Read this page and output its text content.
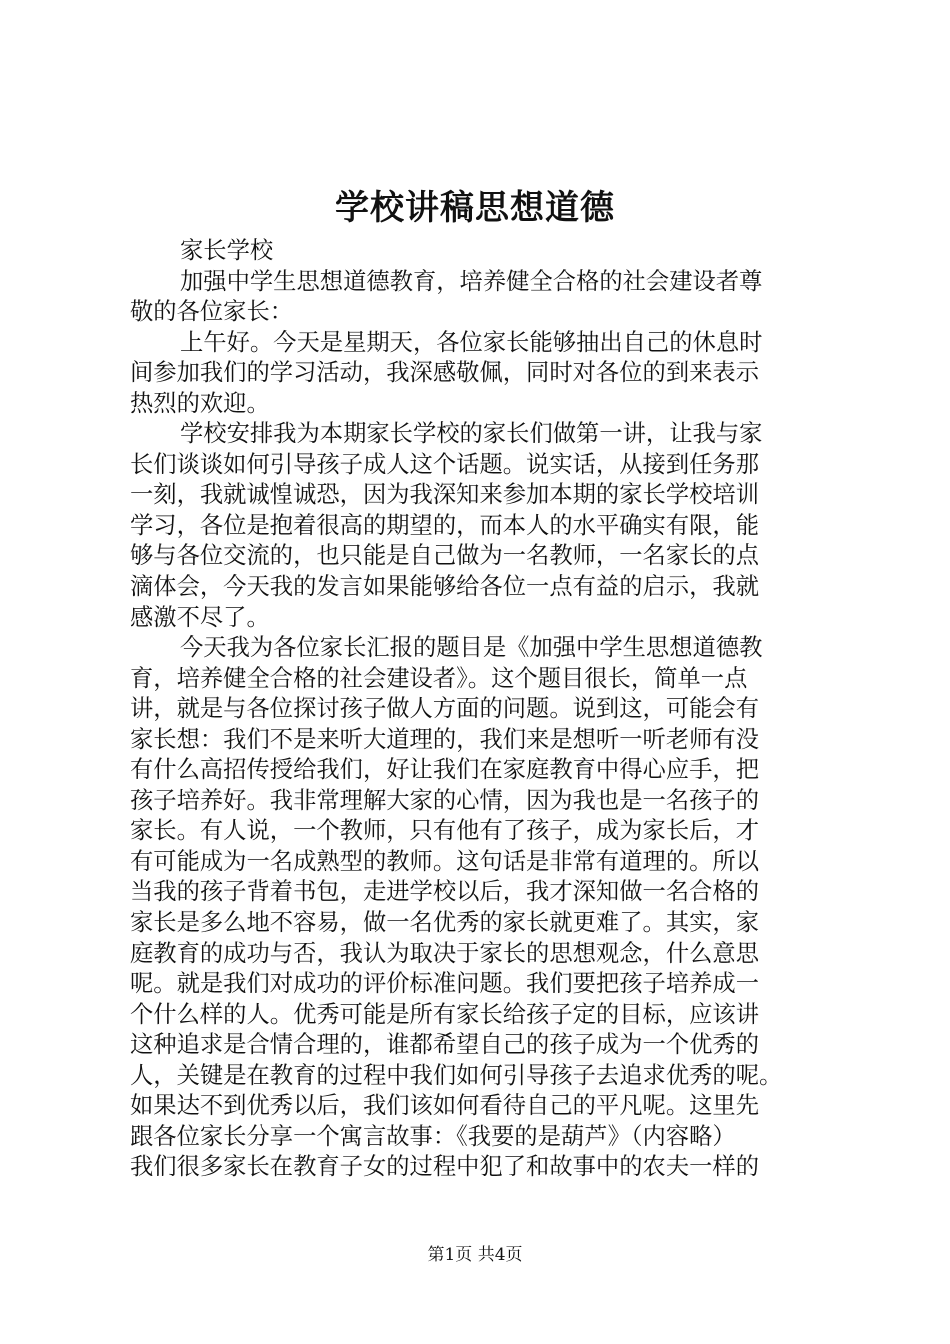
学校讲稿思想道德
家长学校
加强中学生思想道德教育，培养健全合格的社会建设者尊
敬的各位家长：
上午好。今天是星期天，各位家长能够抽出自己的休息时
间参加我们的学习活动，我深感敬佩，同时对各位的到来表示
热烈的欢迎。
学校安排我为本期家长学校的家长们做第一讲，让我与家
长们谈谈如何引导孩子成人这个话题。说实话，从接到任务那
一刻，我就诚惶诚恐，因为我深知来参加本期的家长学校培训
学习，各位是抱着很高的期望的，而本人的水平确实有限，能
够与各位交流的，也只能是自己做为一名教师，一名家长的点
滴体会，今天我的发言如果能够给各位一点有益的启示，我就
感激不尽了。
今天我为各位家长汇报的题目是《加强中学生思想道德教
育，培养健全合格的社会建设者》。这个题目很长，简单一点
讲，就是与各位探讨孩子做人方面的问题。说到这，可能会有
家长想：我们不是来听大道理的，我们来是想听一听老师有没
有什么高招传授给我们，好让我们在家庭教育中得心应手，把
孩子培养好。我非常理解大家的心情，因为我也是一名孩子的
家长。有人说，一个教师，只有他有了孩子，成为家长后，才
有可能成为一名成熟型的教师。这句话是非常有道理的。所以
当我的孩子背着书包，走进学校以后，我才深知做一名合格的
家长是多么地不容易，做一名优秀的家长就更难了。其实，家
庭教育的成功与否，我认为取决于家长的思想观念，什么意思
呢。就是我们对成功的评价标准问题。我们要把孩子培养成一
个什么样的人。优秀可能是所有家长给孩子定的目标，应该讲
这种追求是合情合理的，谁都希望自己的孩子成为一个优秀的
人，关键是在教育的过程中我们如何引导孩子去追求优秀的呢。
如果达不到优秀以后，我们该如何看待自己的平凡呢。这里先
跟各位家长分享一个寓言故事：《我要的是葫芦》（内容略）
我们很多家长在教育子女的过程中犯了和故事中的农夫一样的
第1页 共4页
